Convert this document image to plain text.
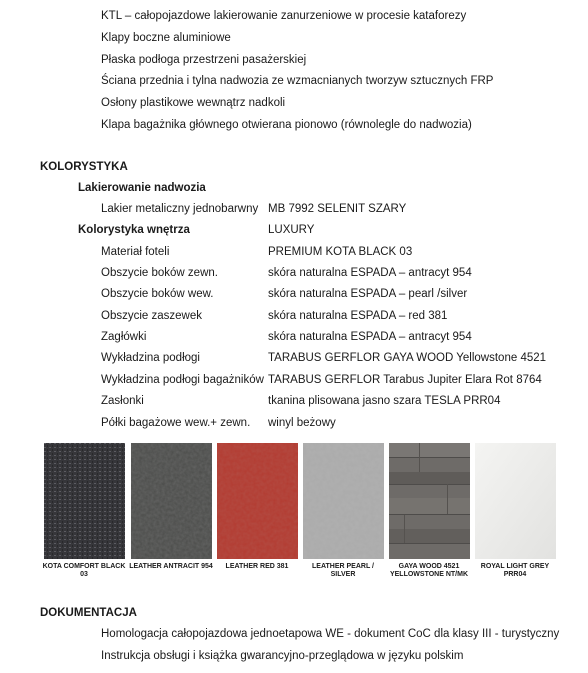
KTL – całopojazdowe lakierowanie zanurzeniowe w procesie kataforezy
Klapy boczne aluminiowe
Płaska podłoga przestrzeni pasażerskiej
Ściana przednia i tylna nadwozia ze wzmacnianych tworzyw sztucznych FRP
Osłony plastikowe wewnątrz nadkoli
Klapa bagażnika głównego otwierana pionowo (równolegle do nadwozia)
KOLORYSTYKA
Lakierowanie nadwozia
Lakier metaliczny jednobarwny MB 7992 SELENIT SZARY
Kolorystyka wnętrza	LUXURY
Materiał foteli	PREMIUM KOTA BLACK 03
Obszycie boków zewn.	skóra naturalna ESPADA – antracyt 954
Obszycie boków wew.	skóra naturalna ESPADA – pearl /silver
Obszycie zaszewek	skóra naturalna ESPADA – red 381
Zagłówki	skóra naturalna ESPADA – antracyt 954
Wykładzina podłogi	TARABUS GERFLOR GAYA WOOD Yellowstone 4521
Wykładzina podłogi bagażników TARABUS GERFLOR Tarabus Jupiter Elara Rot 8764
Zasłonki	tkanina plisowana jasno szara TESLA PRR04
Półki bagażowe wew.+ zewn. winyl beżowy
KOTA COMFORT BLACK 03
LEATHER ANTRACIT 954	LEATHER RED 381	LEATHER PEARL / SILVER
GAYA WOOD 4521 YELLOWSTONE NT/MK
ROYAL LIGHT GREY PRR04
DOKUMENTACJA
Homologacja całopojazdowa jednoetapowa WE - dokument CoC dla klasy III - turystyczny
Instrukcja obsługi i książka gwarancyjno-przeglądowa w języku polskim
